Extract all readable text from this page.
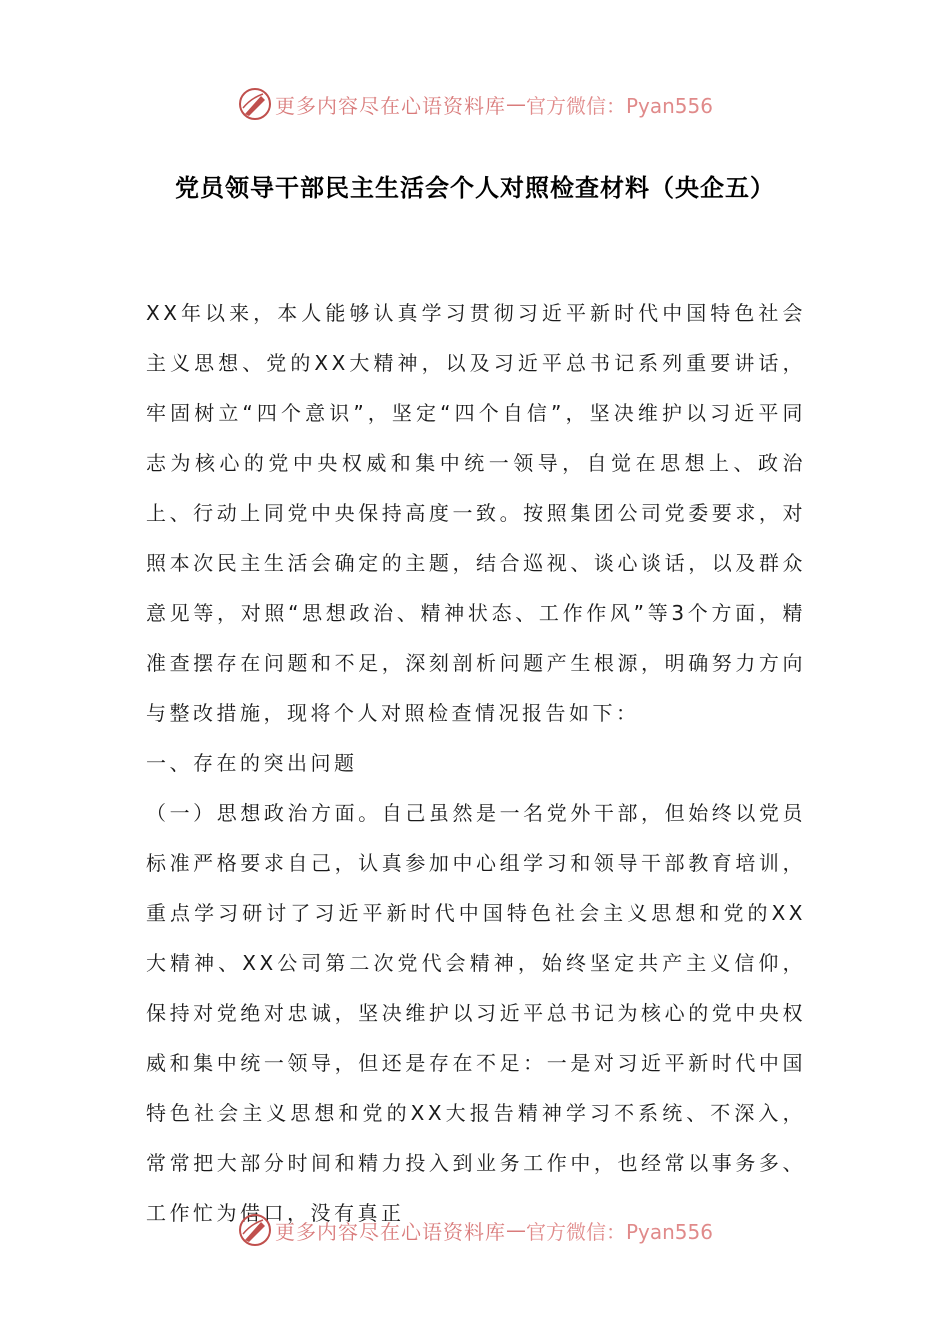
更多内容尽在心语资料库 — 官方微信：Pyan556
党员领导干部民主生活会个人对照检查材料（央企五）

XX年以来，本人能够认真学习贯彻习近平新时代中国特色社会主义思想、党的XX大精神，以及习近平总书记系列重要讲话，牢固树立“四个意识”，坚定“四个自信”，坚决维护以习近平同志为核心的党中央权威和集中统一领导，自觉在思想上、政治上、行动上同党中央保持高度一致。按照集团公司党委要求，对照本次民主生活会确定的主题，结合巡视、谈心谈话，以及群众意见等，对照“思想政治、精神状态、工作作风”等3个方面，精准查摆存在问题和不足，深刻剖析问题产生根源，明确努力方向与整改措施，现将个人对照检查情况报告如下：

一、存在的突出问题

（一）思想政治方面。自己虽然是一名党外干部，但始终以党员标准严格要求自己，认真参加中心组学习和领导干部教育培训，重点学习研讨了习近平新时代中国特色社会主义思想和党的XX大精神、XX公司第二次党代会精神，始终坚定共产主义信仰，保持对党绝对忠诚，坚决维护以习近平总书记为核心的党中央权威和集中统一领导，但还是存在不足：一是对习近平新时代中国特色社会主义思想和党的XX大报告精神学习不系统、不深入，常常把大部分时间和精力投入到业务工作中，也经常以事务多、工作忙为借口，没有真正

更多内容尽在心语资料库 — 官方微信：Pyan556
